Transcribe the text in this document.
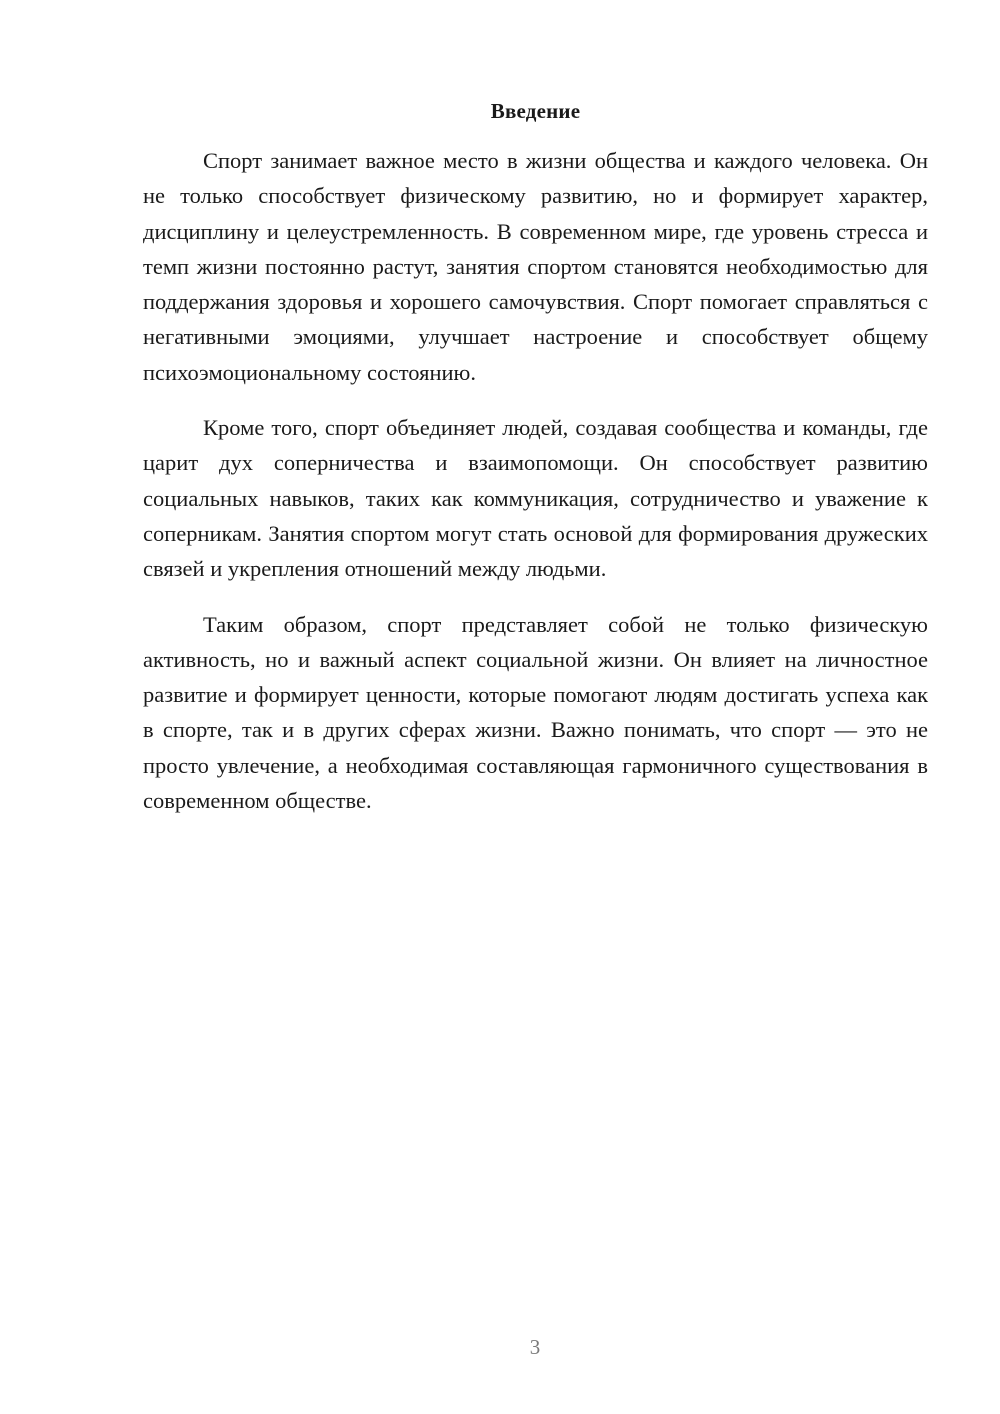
Введение

Спорт занимает важное место в жизни общества и каждого человека. Он не только способствует физическому развитию, но и формирует характер, дисциплину и целеустремленность. В современном мире, где уровень стресса и темп жизни постоянно растут, занятия спортом становятся необходимостью для поддержания здоровья и хорошего самочувствия. Спорт помогает справляться с негативными эмоциями, улучшает настроение и способствует общему психоэмоциональному состоянию.

Кроме того, спорт объединяет людей, создавая сообщества и команды, где царит дух соперничества и взаимопомощи. Он способствует развитию социальных навыков, таких как коммуникация, сотрудничество и уважение к соперникам. Занятия спортом могут стать основой для формирования дружеских связей и укрепления отношений между людьми.

Таким образом, спорт представляет собой не только физическую активность, но и важный аспект социальной жизни. Он влияет на личностное развитие и формирует ценности, которые помогают людям достигать успеха как в спорте, так и в других сферах жизни. Важно понимать, что спорт — это не просто увлечение, а необходимая составляющая гармоничного существования в современном обществе.

3
